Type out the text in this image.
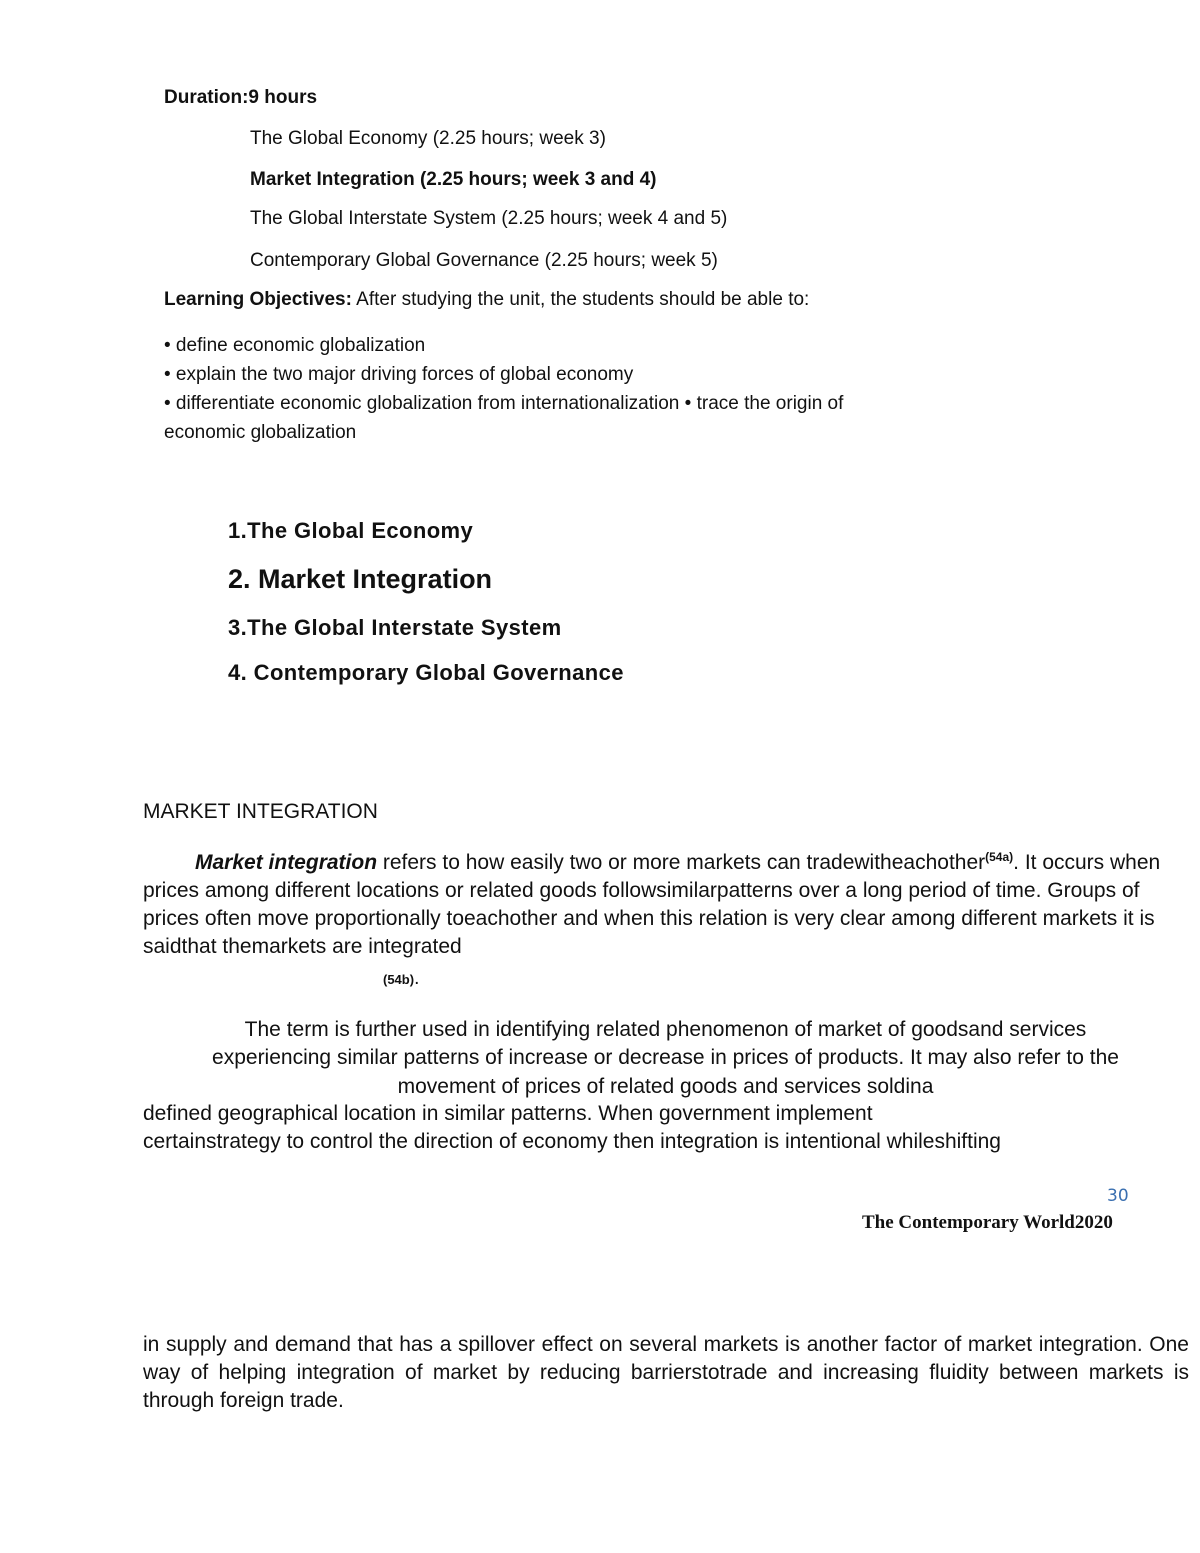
Duration:9 hours
The Global Economy (2.25 hours; week 3)
Market Integration (2.25 hours; week 3 and 4)
The Global Interstate System (2.25 hours; week 4 and 5)
Contemporary Global Governance (2.25 hours; week 5)
Learning Objectives: After studying the unit, the students should be able to:
• define economic globalization
• explain the two major driving forces of global economy
• differentiate economic globalization from internationalization • trace the origin of
economic globalization
1.The Global Economy
2. Market Integration
3.The Global Interstate System
4. Contemporary Global Governance
MARKET INTEGRATION
Market integration refers to how easily two or more markets can tradewitheachother$^{(54a)}$. It occurs when prices among different locations or related goods followsimilarpatterns over a long period of time. Groups of prices often move proportionally toeachother and when this relation is very clear among different markets it is saidthat themarkets are integrated
(54b).
The term is further used in identifying related phenomenon of market of goodsand services
experiencing similar patterns of increase or decrease in prices of products. It may also refer to the
movement of prices of related goods and services soldina
defined geographical location in similar patterns. When government implement
certainstrategy to control the direction of economy then integration is intentional whileshifting
30
The Contemporary World2020
in supply and demand that has a spillover effect on several markets is another factor of market integration. One way of helping integration of market by reducing barrierstotrade and increasing fluidity between markets is through foreign trade.
